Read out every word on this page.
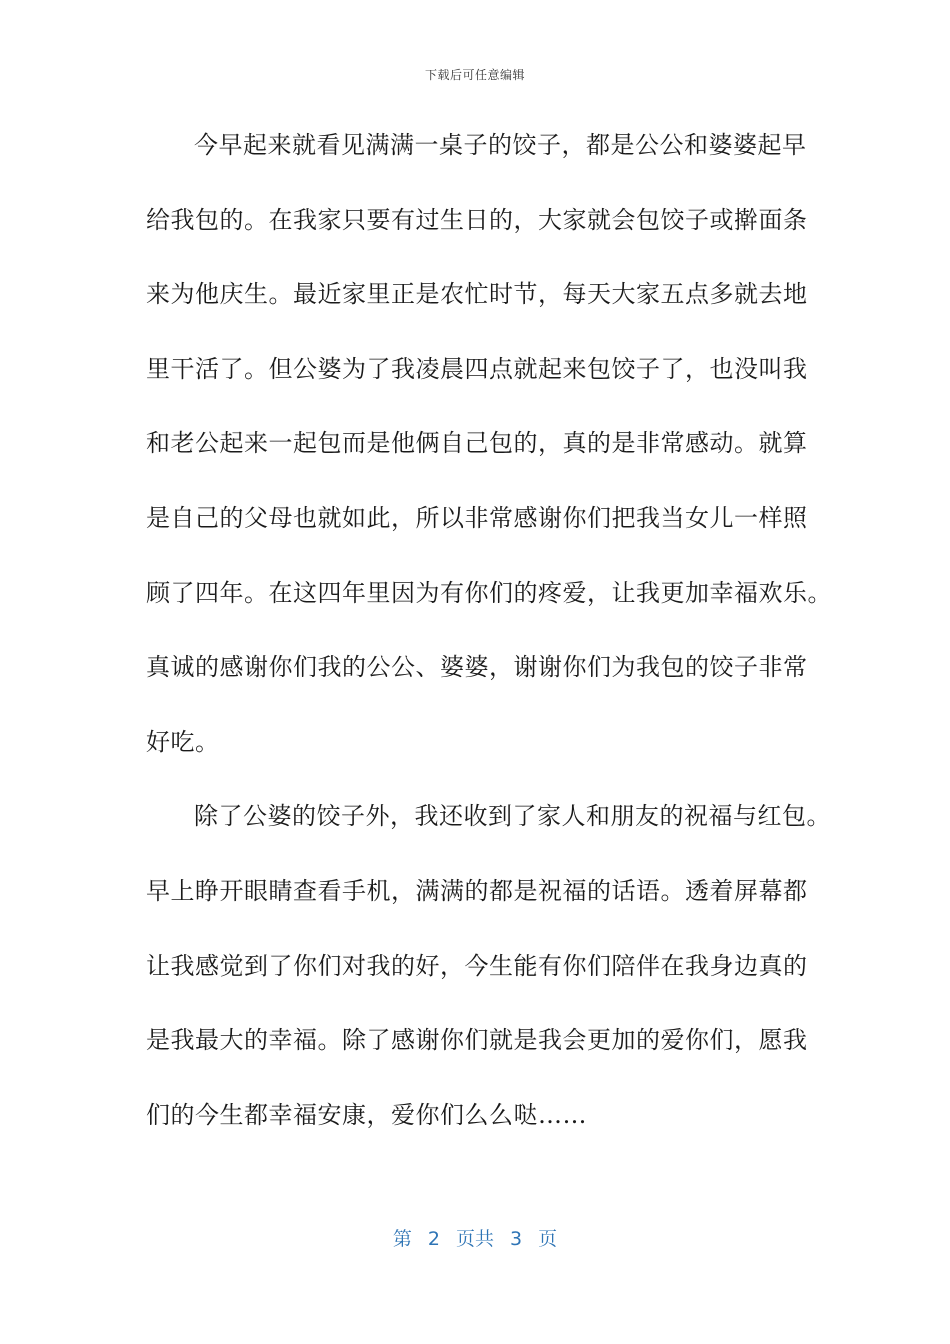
下载后可任意编辑
今早起来就看见满满一桌子的饺子，都是公公和婆婆起早
给我包的。在我家只要有过生日的，大家就会包饺子或擀面条
来为他庆生。最近家里正是农忙时节，每天大家五点多就去地
里干活了。但公婆为了我凌晨四点就起来包饺子了，也没叫我
和老公起来一起包而是他俩自己包的，真的是非常感动。就算
是自己的父母也就如此，所以非常感谢你们把我当女儿一样照
顾了四年。在这四年里因为有你们的疼爱，让我更加幸福欢乐。
真诚的感谢你们我的公公、婆婆，谢谢你们为我包的饺子非常
好吃。
除了公婆的饺子外，我还收到了家人和朋友的祝福与红包。
早上睁开眼睛查看手机，满满的都是祝福的话语。透着屏幕都
让我感觉到了你们对我的好，今生能有你们陪伴在我身边真的
是我最大的幸福。除了感谢你们就是我会更加的爱你们，愿我
们的今生都幸福安康，爱你们么么哒……
第 2 页共 3 页
